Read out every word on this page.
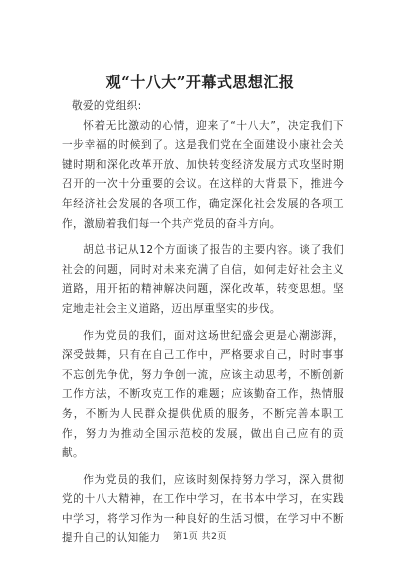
观“十八大”开幕式思想汇报

敬爱的党组织:

怀着无比激动的心情，迎来了“十八大”，决定我们下一步幸福的时候到了。这是我们党在全面建设小康社会关键时期和深化改革开放、加快转变经济发展方式攻坚时期召开的一次十分重要的会议。在这样的大背景下，推进今年经济社会发展的各项工作，确定深化社会发展的各项工作，激励着我们每一个共产党员的奋斗方向。

胡总书记从12个方面谈了报告的主要内容。谈了我们社会的问题，同时对未来充满了自信，如何走好社会主义道路，用开拓的精神解决问题，深化改革，转变思想。坚定地走社会主义道路，迈出厚重坚实的步伐。

作为党员的我们，面对这场世纪盛会更是心潮澎湃，深受鼓舞，只有在自己工作中，严格要求自己，时时事事不忘创先争优，努力争创一流，应该主动思考，不断创新工作方法，不断攻克工作的难题；应该勤奋工作，热情服务，不断为人民群众提供优质的服务，不断完善本职工作，努力为推动全国示范校的发展，做出自己应有的贡献。

作为党员的我们，应该时刻保持努力学习，深入贯彻党的十八大精神，在工作中学习，在书本中学习，在实践中学习，将学习作为一种良好的生活习惯，在学习中不断提升自己的认知能力	第1页 共2页
